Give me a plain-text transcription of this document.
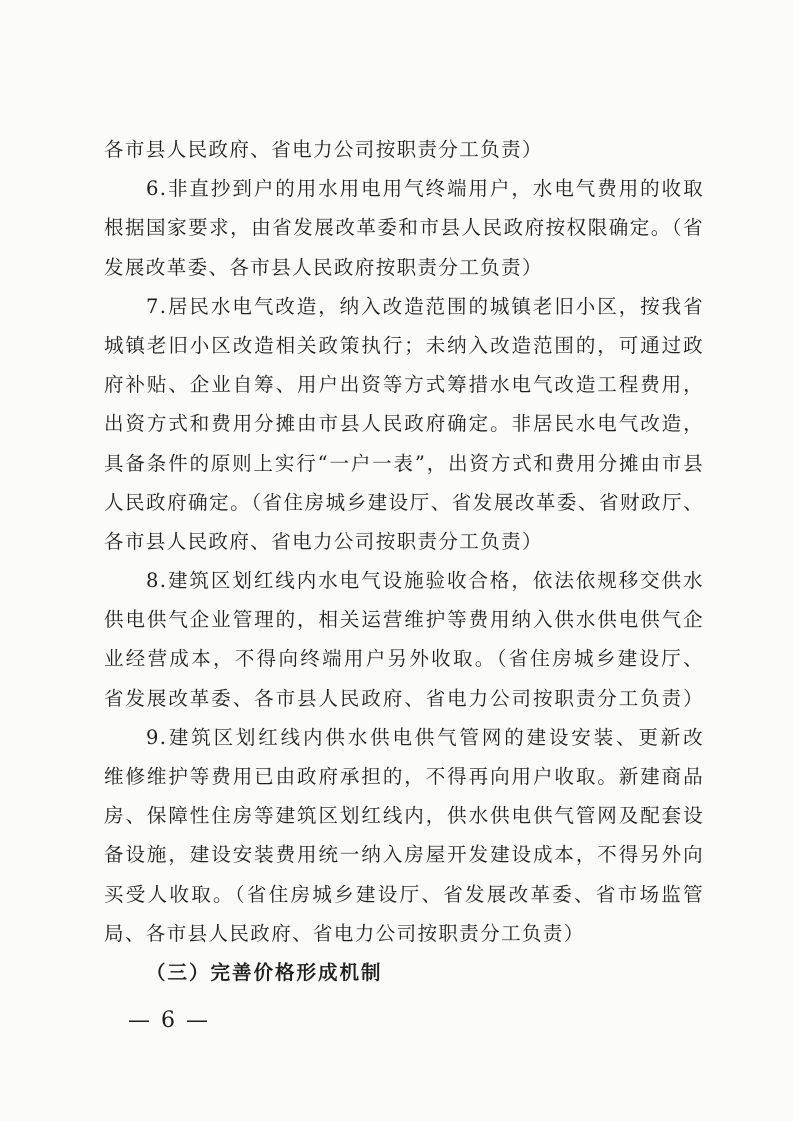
各市县人民政府、省电力公司按职责分工负责）
6.非直抄到户的用水用电用气终端用户，水电气费用的收取
根据国家要求，由省发展改革委和市县人民政府按权限确定。（省
发展改革委、各市县人民政府按职责分工负责）
7.居民水电气改造，纳入改造范围的城镇老旧小区，按我省
城镇老旧小区改造相关政策执行；未纳入改造范围的，可通过政
府补贴、企业自筹、用户出资等方式筹措水电气改造工程费用，
出资方式和费用分摊由市县人民政府确定。非居民水电气改造，
具备条件的原则上实行“一户一表”，出资方式和费用分摊由市县
人民政府确定。（省住房城乡建设厅、省发展改革委、省财政厅、
各市县人民政府、省电力公司按职责分工负责）
8.建筑区划红线内水电气设施验收合格，依法依规移交供水
供电供气企业管理的，相关运营维护等费用纳入供水供电供气企
业经营成本，不得向终端用户另外收取。（省住房城乡建设厅、
省发展改革委、各市县人民政府、省电力公司按职责分工负责）
9.建筑区划红线内供水供电供气管网的建设安装、更新改
维修维护等费用已由政府承担的，不得再向用户收取。新建商品
房、保障性住房等建筑区划红线内，供水供电供气管网及配套设
备设施，建设安装费用统一纳入房屋开发建设成本，不得另外向
买受人收取。（省住房城乡建设厅、省发展改革委、省市场监管
局、各市县人民政府、省电力公司按职责分工负责）
（三）完善价格形成机制
— 6 —
